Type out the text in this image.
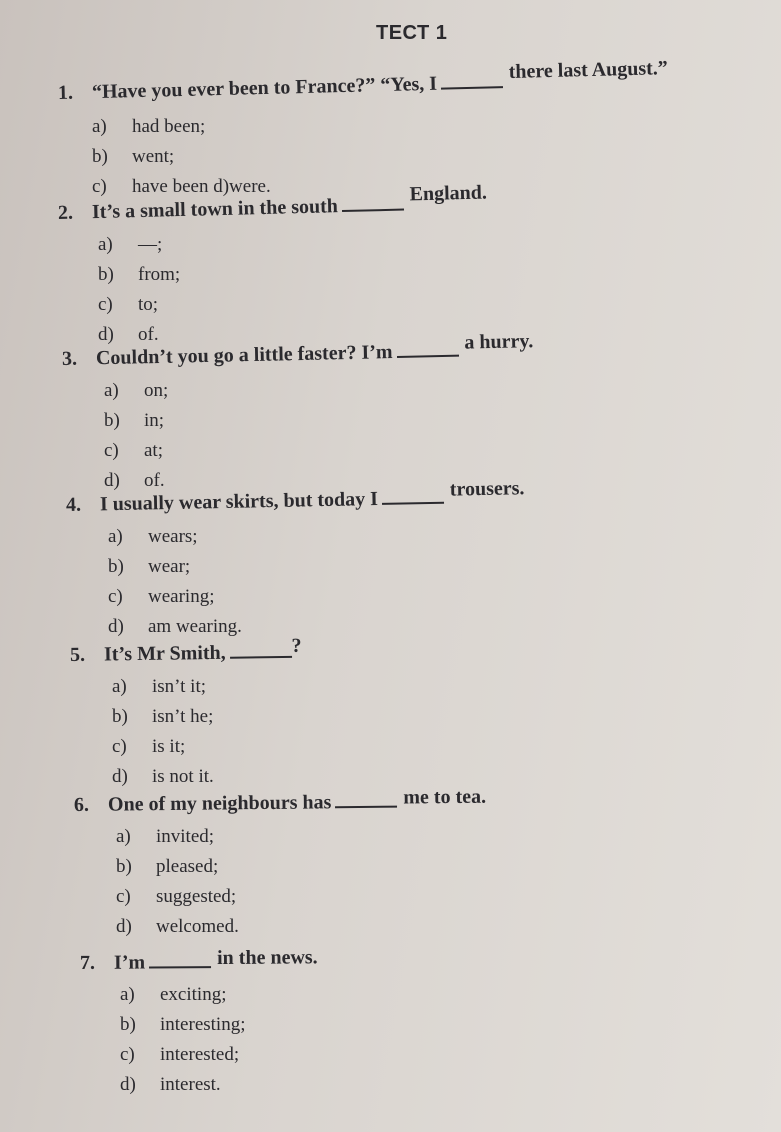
ТЕСТ 1
1. “Have you ever been to France?” “Yes, Ithere last August.”
a) had been;
b) went;
c) have been d)were.
2. It’s a small town in the southEngland.
a) —;
b) from;
c) to;
d) of.
3. Couldn’t you go a little faster? I’m	a hurry.
a) on;
b) in;
c) at;
d) of.
4. I usually wear skirts, but today I	trousers.
a) wears;
b) wear;
c) wearing;
d) am wearing.
5. It’s Mr Smith,	?
a) isn’t it;
b) isn’t he;
c) is it;
d) is not it.
6. One of my neighbours has	me to tea.
a) invited;
b) pleased;
c) suggested;
d) welcomed.
7. I’m	in the news.
a) exciting;
b) interesting;
c) interested;
d) interest.
